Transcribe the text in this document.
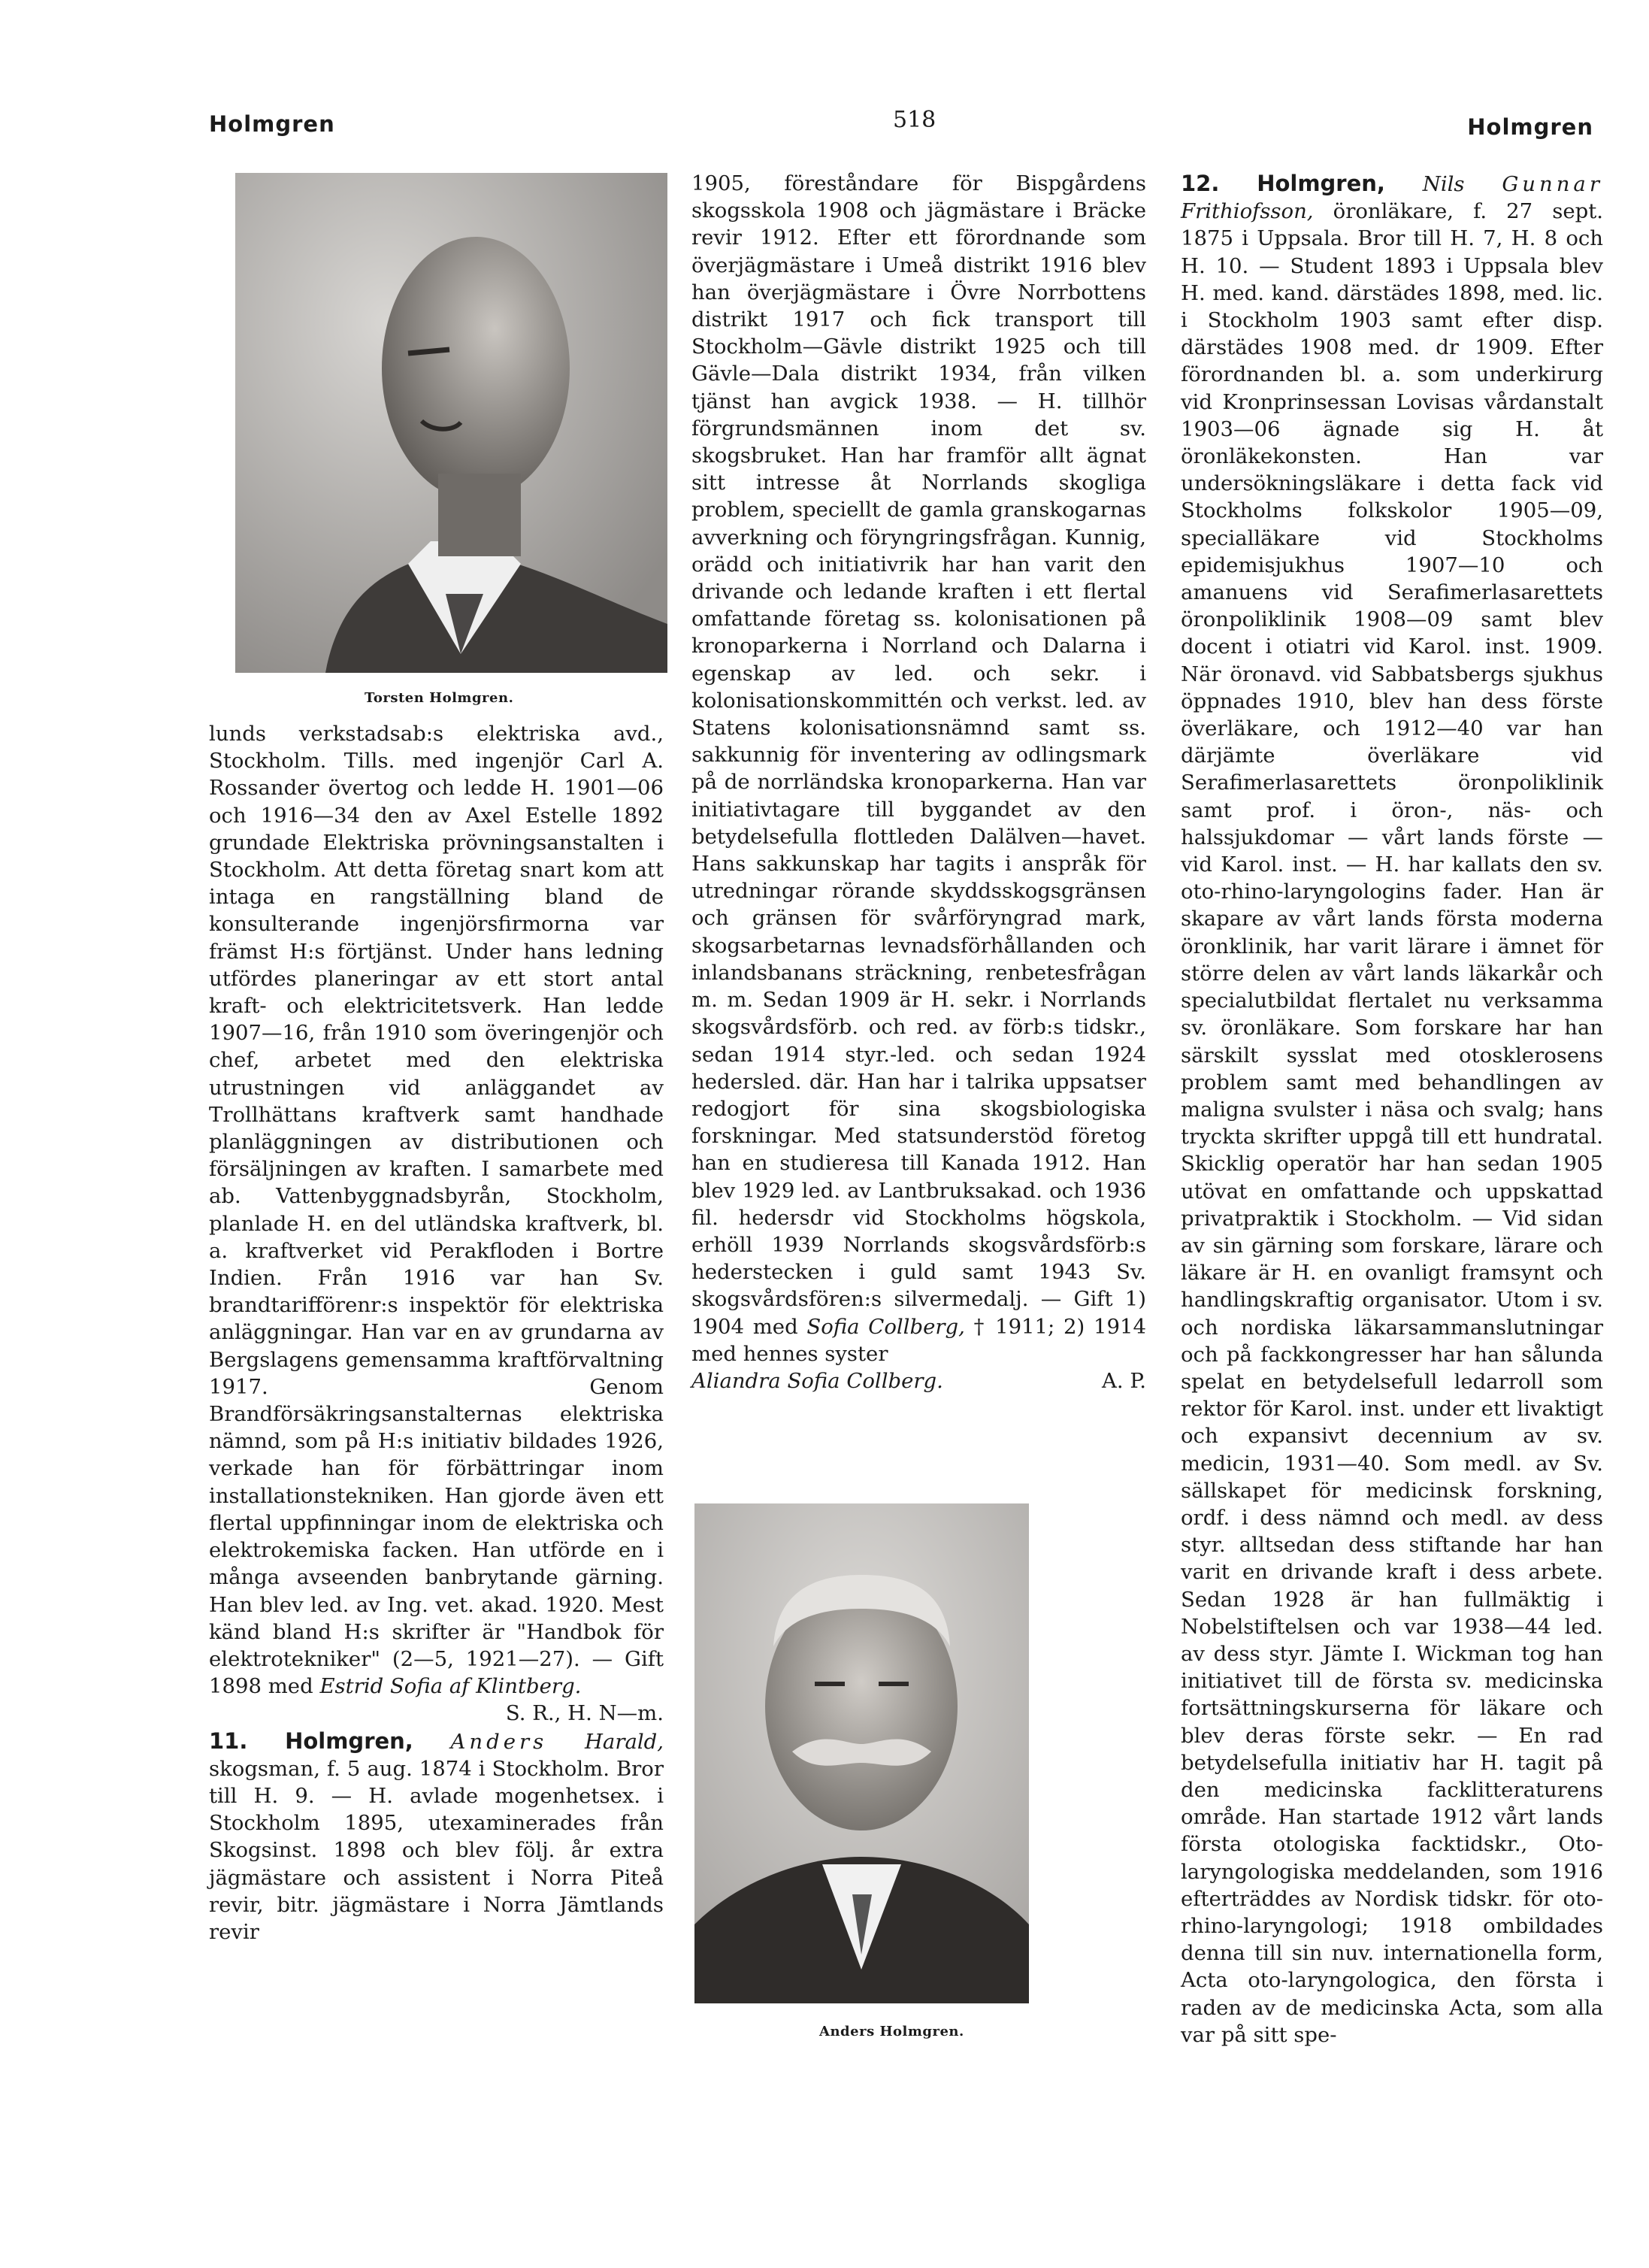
Holmgren	518	Holmgren
Torsten Holmgren.

lunds verkstadsab:s elektriska avd., Stockholm. Tills. med ingenjör Carl A. Rossander övertog och ledde H. 1901—06 och 1916—34 den av Axel Estelle 1892 grundade Elektriska prövningsanstalten i Stockholm. Att detta företag snart kom att intaga en rangställning bland de konsulterande ingenjörsfirmorna var främst H:s förtjänst. Under hans ledning utfördes planeringar av ett stort antal kraft- och elektricitetsverk. Han ledde 1907—16, från 1910 som överingenjör och chef, arbetet med den elektriska utrustningen vid anläggandet av Trollhättans kraftverk samt handhade planläggningen av distributionen och försäljningen av kraften. I samarbete med ab. Vattenbyggnadsbyrån, Stockholm, planlade H. en del utländska kraftverk, bl. a. kraftverket vid Perakfloden i Bortre Indien. Från 1916 var han Sv. brandtarifförenr:s inspektör för elektriska anläggningar. Han var en av grundarna av Bergslagens gemensamma kraftförvaltning 1917. Genom Brandförsäkringsanstalternas elektriska nämnd, som på H:s initiativ bildades 1926, verkade han för förbättringar inom installationstekniken. Han gjorde även ett flertal uppfinningar inom de elektriska och elektrokemiska facken. Han utförde en i många avseenden banbrytande gärning. Han blev led. av Ing. vet. akad. 1920. Mest känd bland H:s skrifter är "Handbok för elektrotekniker" (2—5, 1921—27). — Gift 1898 med Estrid Sofia af Klintberg.

S. R., H. N—m.

11. Holmgren, Anders Harald, skogsman, f. 5 aug. 1874 i Stockholm. Bror till H. 9. — H. avlade mogenhetsex. i Stockholm 1895, utexaminerades från Skogsinst. 1898 och blev följ. år extra jägmästare och assistent i Norra Piteå revir, bitr. jägmästare i Norra Jämtlands revir

1905, föreståndare för Bispgårdens skogsskola 1908 och jägmästare i Bräcke revir 1912. Efter ett förordnande som överjägmästare i Umeå distrikt 1916 blev han överjägmästare i Övre Norrbottens distrikt 1917 och fick transport till Stockholm—Gävle distrikt 1925 och till Gävle—Dala distrikt 1934, från vilken tjänst han avgick 1938. — H. tillhör förgrundsmännen inom det sv. skogsbruket. Han har framför allt ägnat sitt intresse åt Norrlands skogliga problem, speciellt de gamla granskogarnas avverkning och föryngringsfrågan. Kunnig, orädd och initiativrik har han varit den drivande och ledande kraften i ett flertal omfattande företag ss. kolonisationen på kronoparkerna i Norrland och Dalarna i egenskap av led. och sekr. i kolonisationskommittén och verkst. led. av Statens kolonisationsnämnd samt ss. sakkunnig för inventering av odlingsmark på de norrländska kronoparkerna. Han var initiativtagare till byggandet av den betydelsefulla flottleden Dalälven—havet. Hans sakkunskap har tagits i anspråk för utredningar rörande skyddsskogsgränsen och gränsen för svårföryngrad mark, skogsarbetarnas levnadsförhållanden och inlandsbanans sträckning, renbetesfrågan m. m. Sedan 1909 är H. sekr. i Norrlands skogsvårdsförb. och red. av förb:s tidskr., sedan 1914 styr.-led. och sedan 1924 hedersled. där. Han har i talrika uppsatser redogjort för sina skogsbiologiska forskningar. Med statsunderstöd företog han en studieresa till Kanada 1912. Han blev 1929 led. av Lantbruksakad. och 1936 fil. hedersdr vid Stockholms högskola, erhöll 1939 Norrlands skogsvårdsförb:s hederstecken i guld samt 1943 Sv. skogsvårdsfören:s silvermedalj. — Gift 1) 1904 med Sofia Collberg, † 1911; 2) 1914 med hennes syster

Aliandra Sofia Collberg.	A. P.

Anders Holmgren.

12. Holmgren, Nils Gunnar Frithiofsson, öronläkare, f. 27 sept. 1875 i Uppsala. Bror till H. 7, H. 8 och H. 10. — Student 1893 i Uppsala blev H. med. kand. därstädes 1898, med. lic. i Stockholm 1903 samt efter disp. därstädes 1908 med. dr 1909. Efter förordnanden bl. a. som underkirurg vid Kronprinsessan Lovisas vårdanstalt 1903—06 ägnade sig H. åt öronläkekonsten. Han var undersökningsläkare i detta fack vid Stockholms folkskolor 1905—09, specialläkare vid Stockholms epidemisjukhus 1907—10 och amanuens vid Serafimerlasarettets öronpoliklinik 1908—09 samt blev docent i otiatri vid Karol. inst. 1909. När öronavd. vid Sabbatsbergs sjukhus öppnades 1910, blev han dess förste överläkare, och 1912—40 var han därjämte överläkare vid Serafimerlasarettets öronpoliklinik samt prof. i öron-, näs- och halssjukdomar — vårt lands förste — vid Karol. inst. — H. har kallats den sv. oto-rhino-laryngologins fader. Han är skapare av vårt lands första moderna öronklinik, har varit lärare i ämnet för större delen av vårt lands läkarkår och specialutbildat flertalet nu verksamma sv. öronläkare. Som forskare har han särskilt sysslat med otosklerosens problem samt med behandlingen av maligna svulster i näsa och svalg; hans tryckta skrifter uppgå till ett hundratal. Skicklig operatör har han sedan 1905 utövat en omfattande och uppskattad privatpraktik i Stockholm. — Vid sidan av sin gärning som forskare, lärare och läkare är H. en ovanligt framsynt och handlingskraftig organisator. Utom i sv. och nordiska läkarsammanslutningar och på fackkongresser har han sålunda spelat en betydelsefull ledarroll som rektor för Karol. inst. under ett livaktigt och expansivt decennium av sv. medicin, 1931—40. Som medl. av Sv. sällskapet för medicinsk forskning, ordf. i dess nämnd och medl. av dess styr. alltsedan dess stiftande har han varit en drivande kraft i dess arbete. Sedan 1928 är han fullmäktig i Nobelstiftelsen och var 1938—44 led. av dess styr. Jämte I. Wickman tog han initiativet till de första sv. medicinska fortsättningskurserna för läkare och blev deras förste sekr. — En rad betydelsefulla initiativ har H. tagit på den medicinska facklitteraturens område. Han startade 1912 vårt lands första otologiska facktidskr., Oto-laryngologiska meddelanden, som 1916 efterträddes av Nordisk tidskr. för oto-rhino-laryngologi; 1918 ombildades denna till sin nuv. internationella form, Acta oto-laryngologica, den första i raden av de medicinska Acta, som alla var på sitt spe-
